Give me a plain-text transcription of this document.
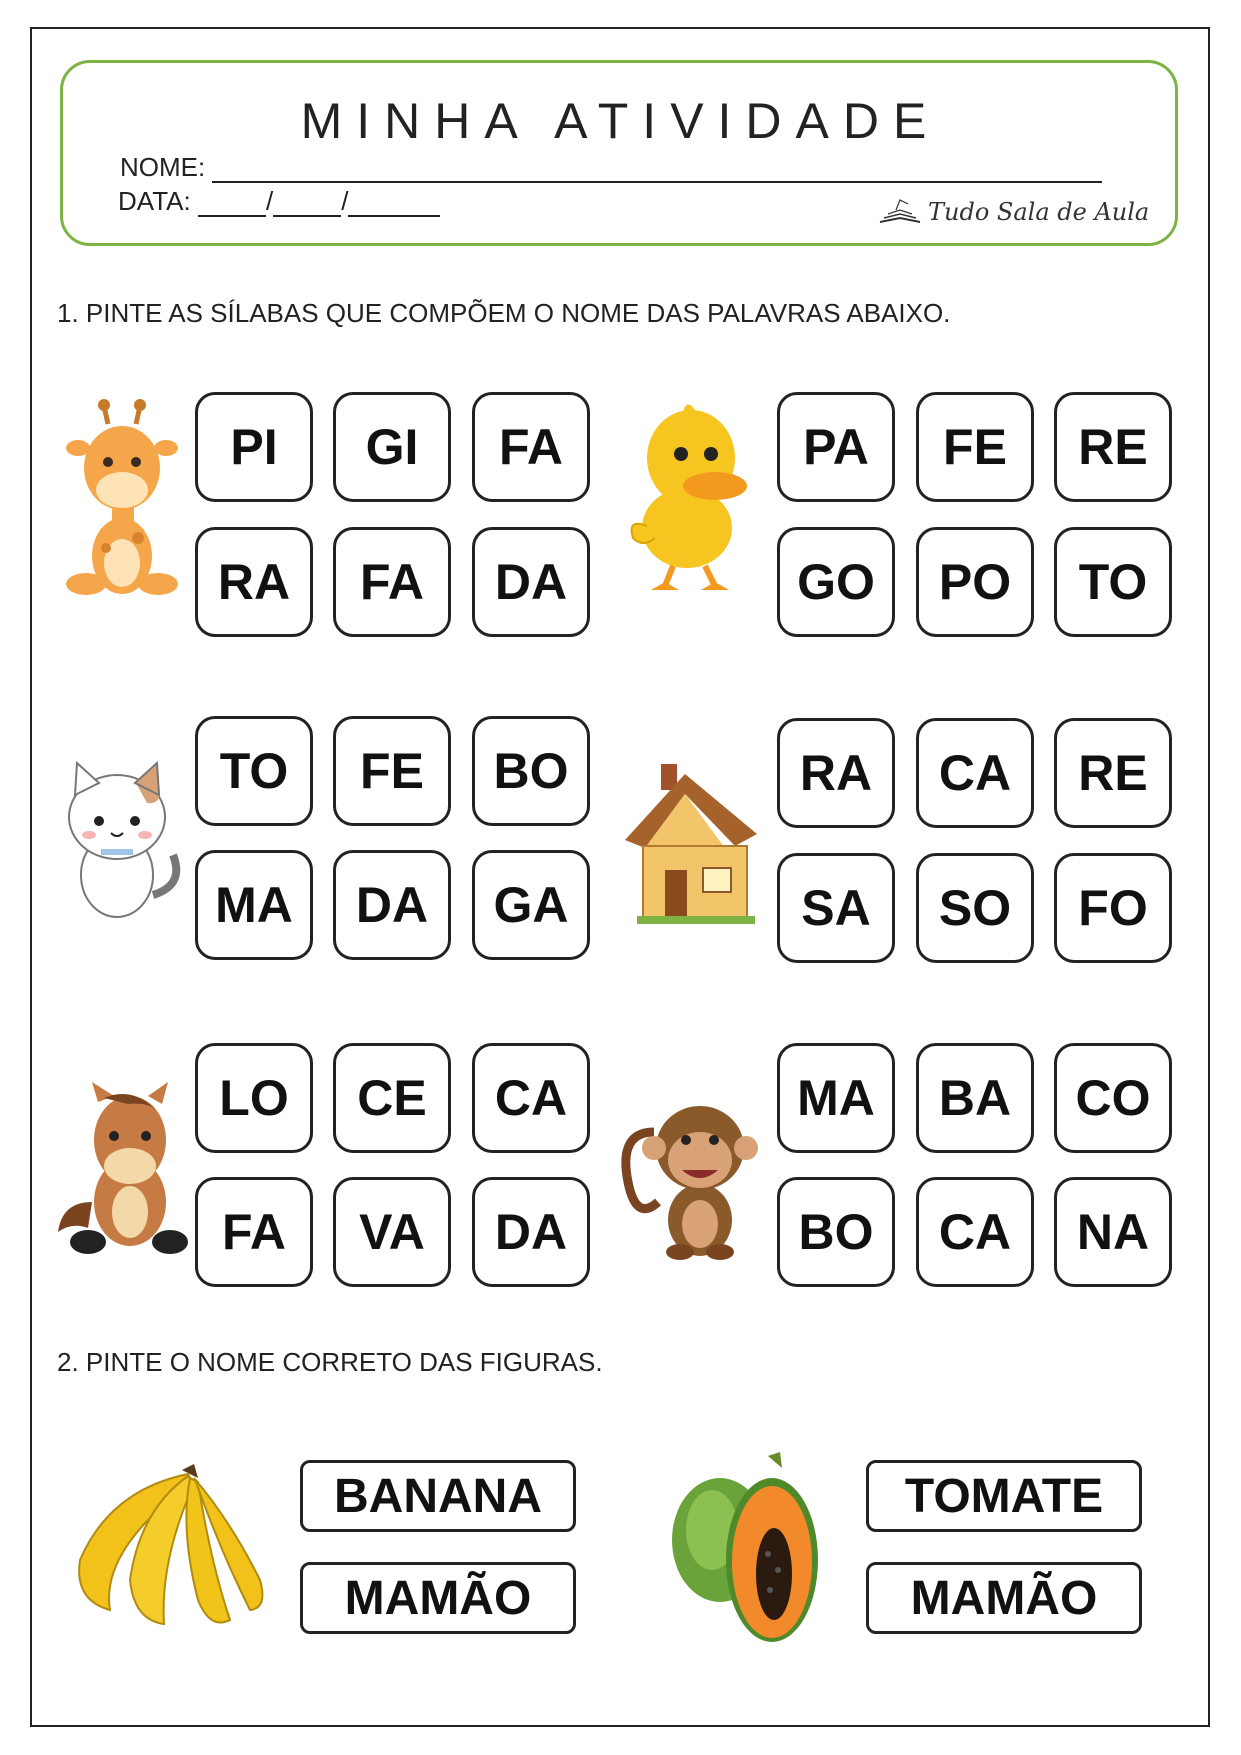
MINHA ATIVIDADE
NOME:
DATA:	/	/	Tudo Sala de Aula
1. PINTE AS SÍLABAS QUE COMPÕEM O NOME DAS PALAVRAS ABAIXO.
PI	GI	FA
RA	FA	DA
PA	FE	RE
GO	PO	TO
TO	FE	BO
MA	DA	GA
RA	CA	RE
SA	SO	FO
LO	CE	CA
FA	VA	DA
MA	BA	CO
BO	CA	NA
2. PINTE O NOME CORRETO DAS FIGURAS.
BANANA
MAMÃO
TOMATE
MAMÃO
